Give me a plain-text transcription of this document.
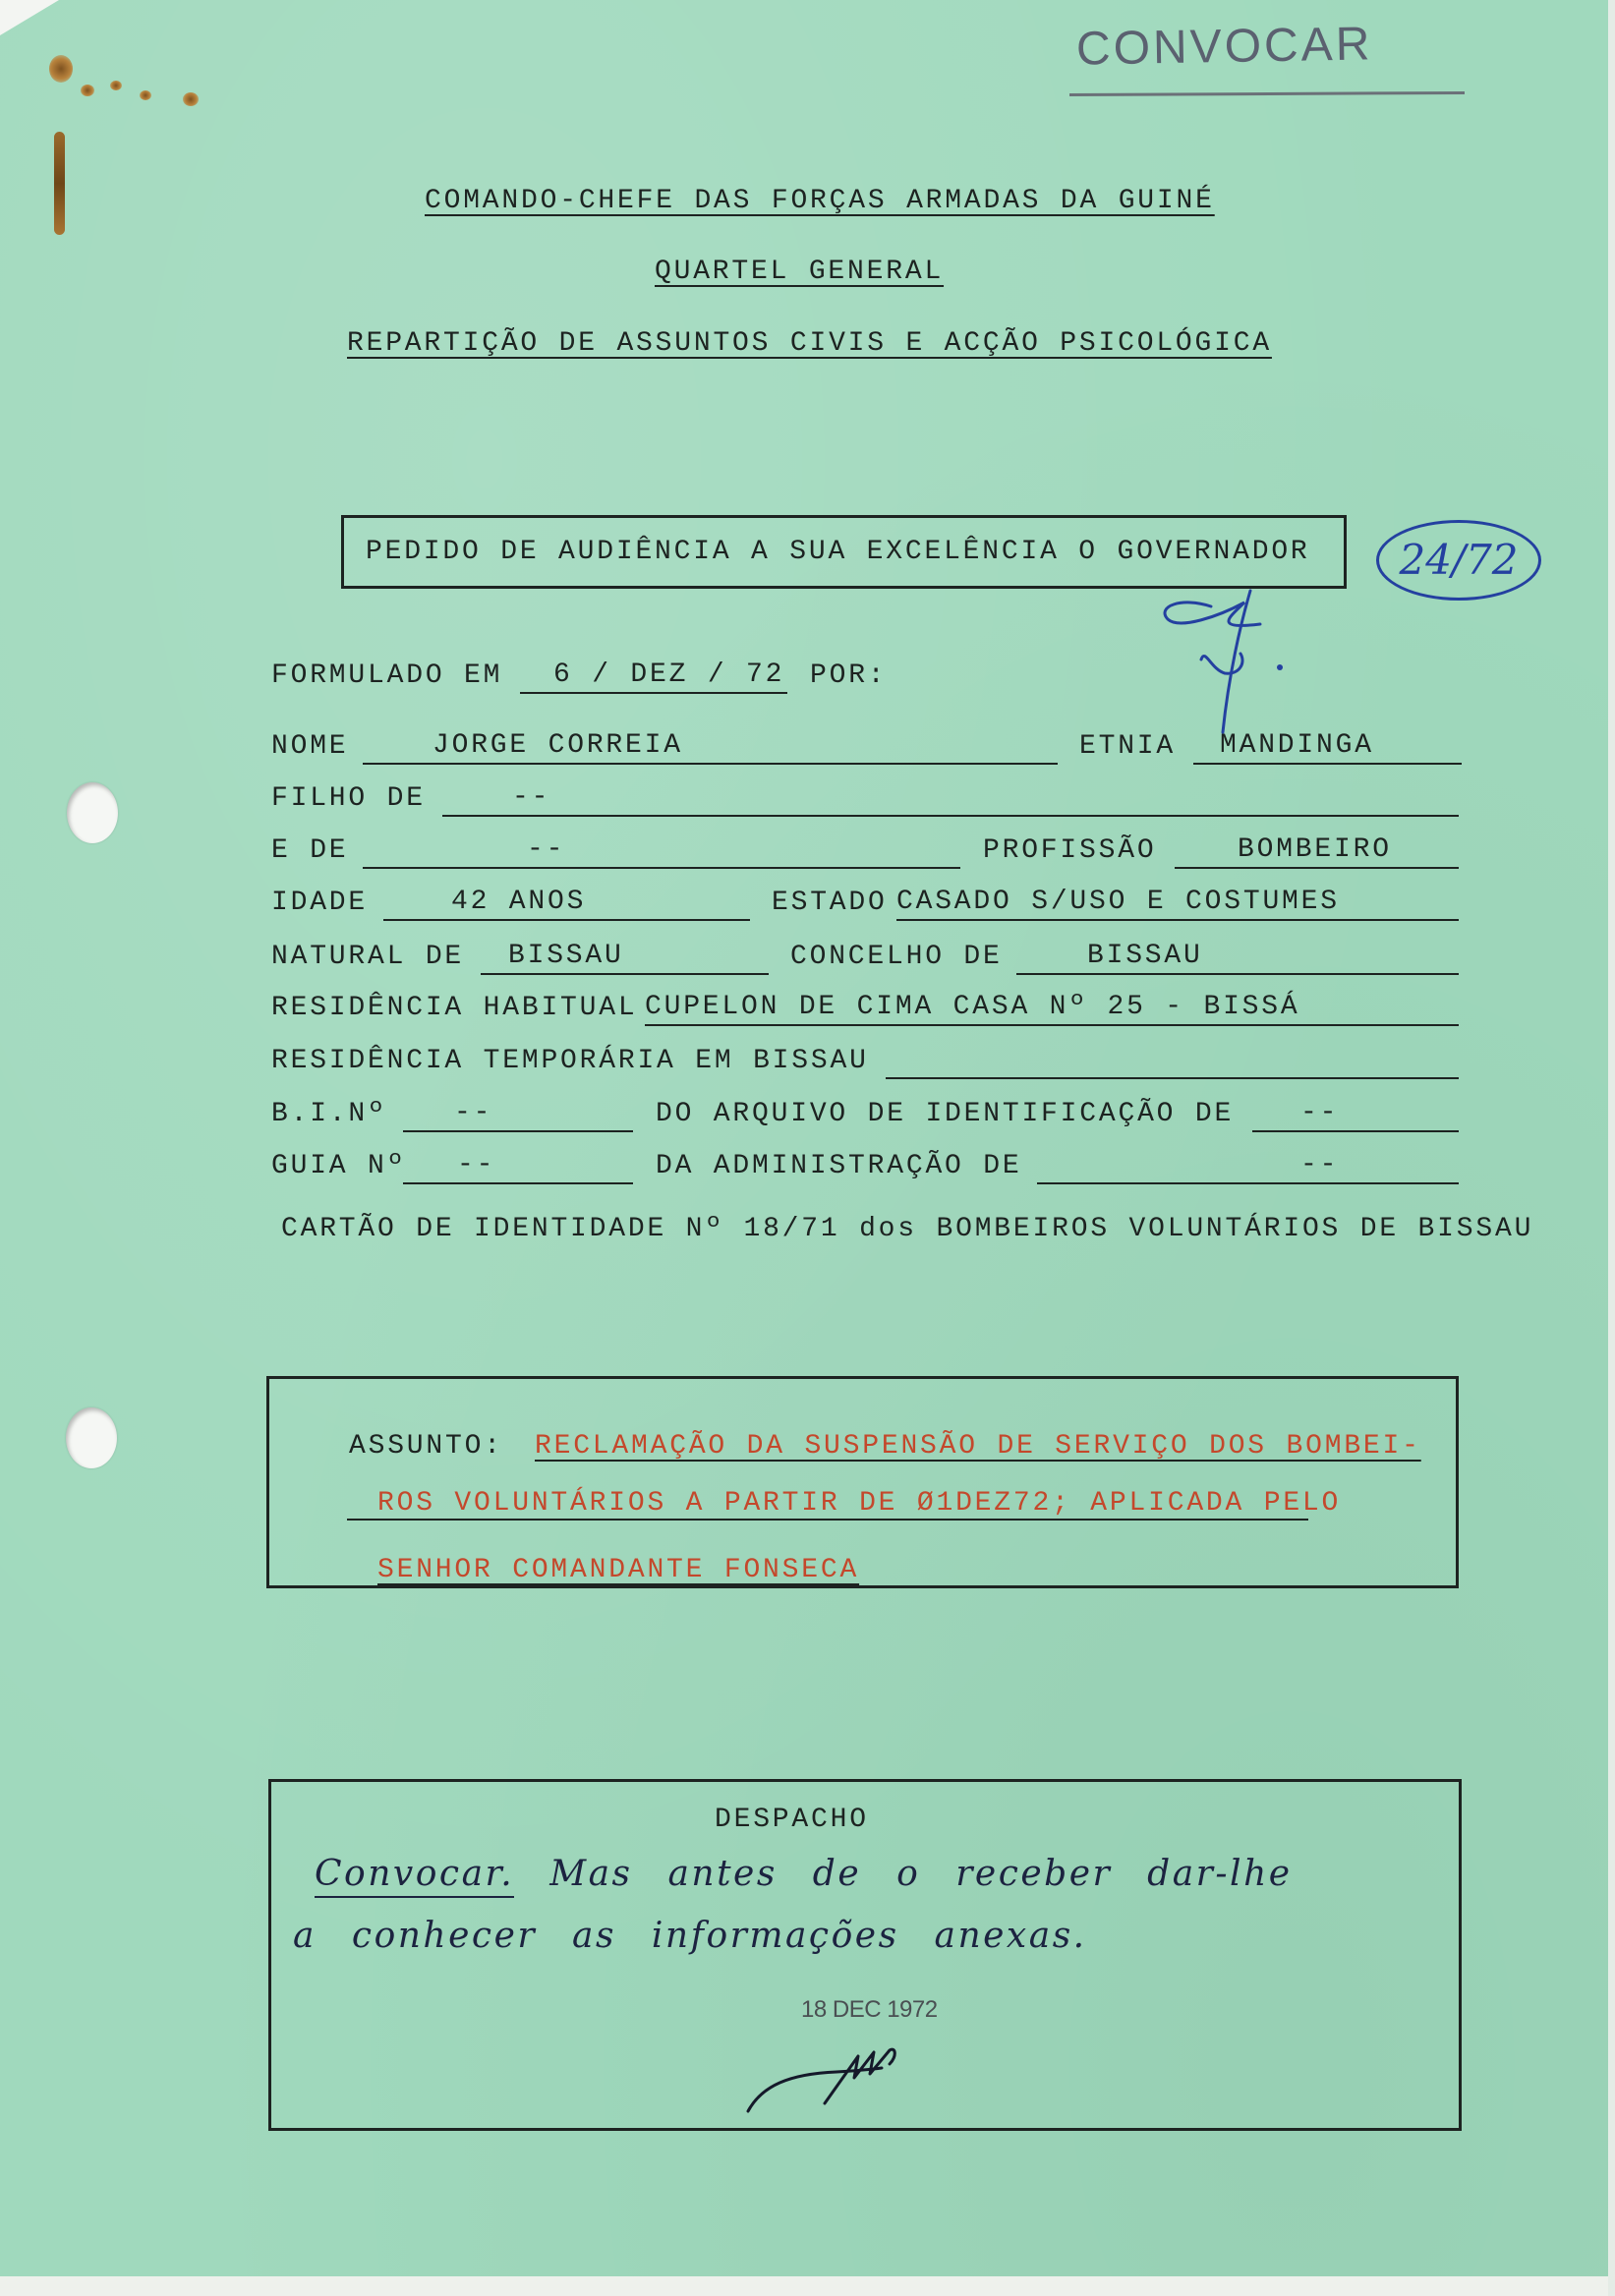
CONVOCAR
COMANDO-CHEFE DAS FORÇAS ARMADAS DA GUINÉ
QUARTEL GENERAL
REPARTIÇÃO DE ASSUNTOS CIVIS E ACÇÃO PSICOLÓGICA
PEDIDO DE AUDIÊNCIA A SUA EXCELÊNCIA O GOVERNADOR 24/72
FORMULADO EM	6 / DEZ / 72 POR:
NOME	JORGE CORREIA	ETNIA	MANDINGA
FILHO DE	--
E DE	--	PROFISSÃO	BOMBEIRO
IDADE	42 ANOS	ESTADO CASADO S/USO E COSTUMES
NATURAL DE	BISSAU	CONCELHO DE	BISSAU
RESIDÊNCIA HABITUAL CUPELON DE CIMA CASA Nº 25 - BISSÁ
RESIDÊNCIA TEMPORÁRIA EM BISSAU
B.I.Nº	--	DO ARQUIVO DE IDENTIFICAÇÃO DE	--
GUIA Nº	--	DA ADMINISTRAÇÃO DE	--
CARTÃO DE IDENTIDADE Nº 18/71 dos BOMBEIROS VOLUNTÁRIOS DE BISSAU
ASSUNTO: RECLAMAÇÃO DA SUSPENSÃO DE SERVIÇO DOS BOMBEI-
ROS VOLUNTÁRIOS A PARTIR DE Ø1DEZ72; APLICADA PELO
SENHOR COMANDANTE FONSECA
DESPACHO
Convocar. Mas antes de o receber dar-lhe
a conhecer as informações anexas.
18 DEC 1972
